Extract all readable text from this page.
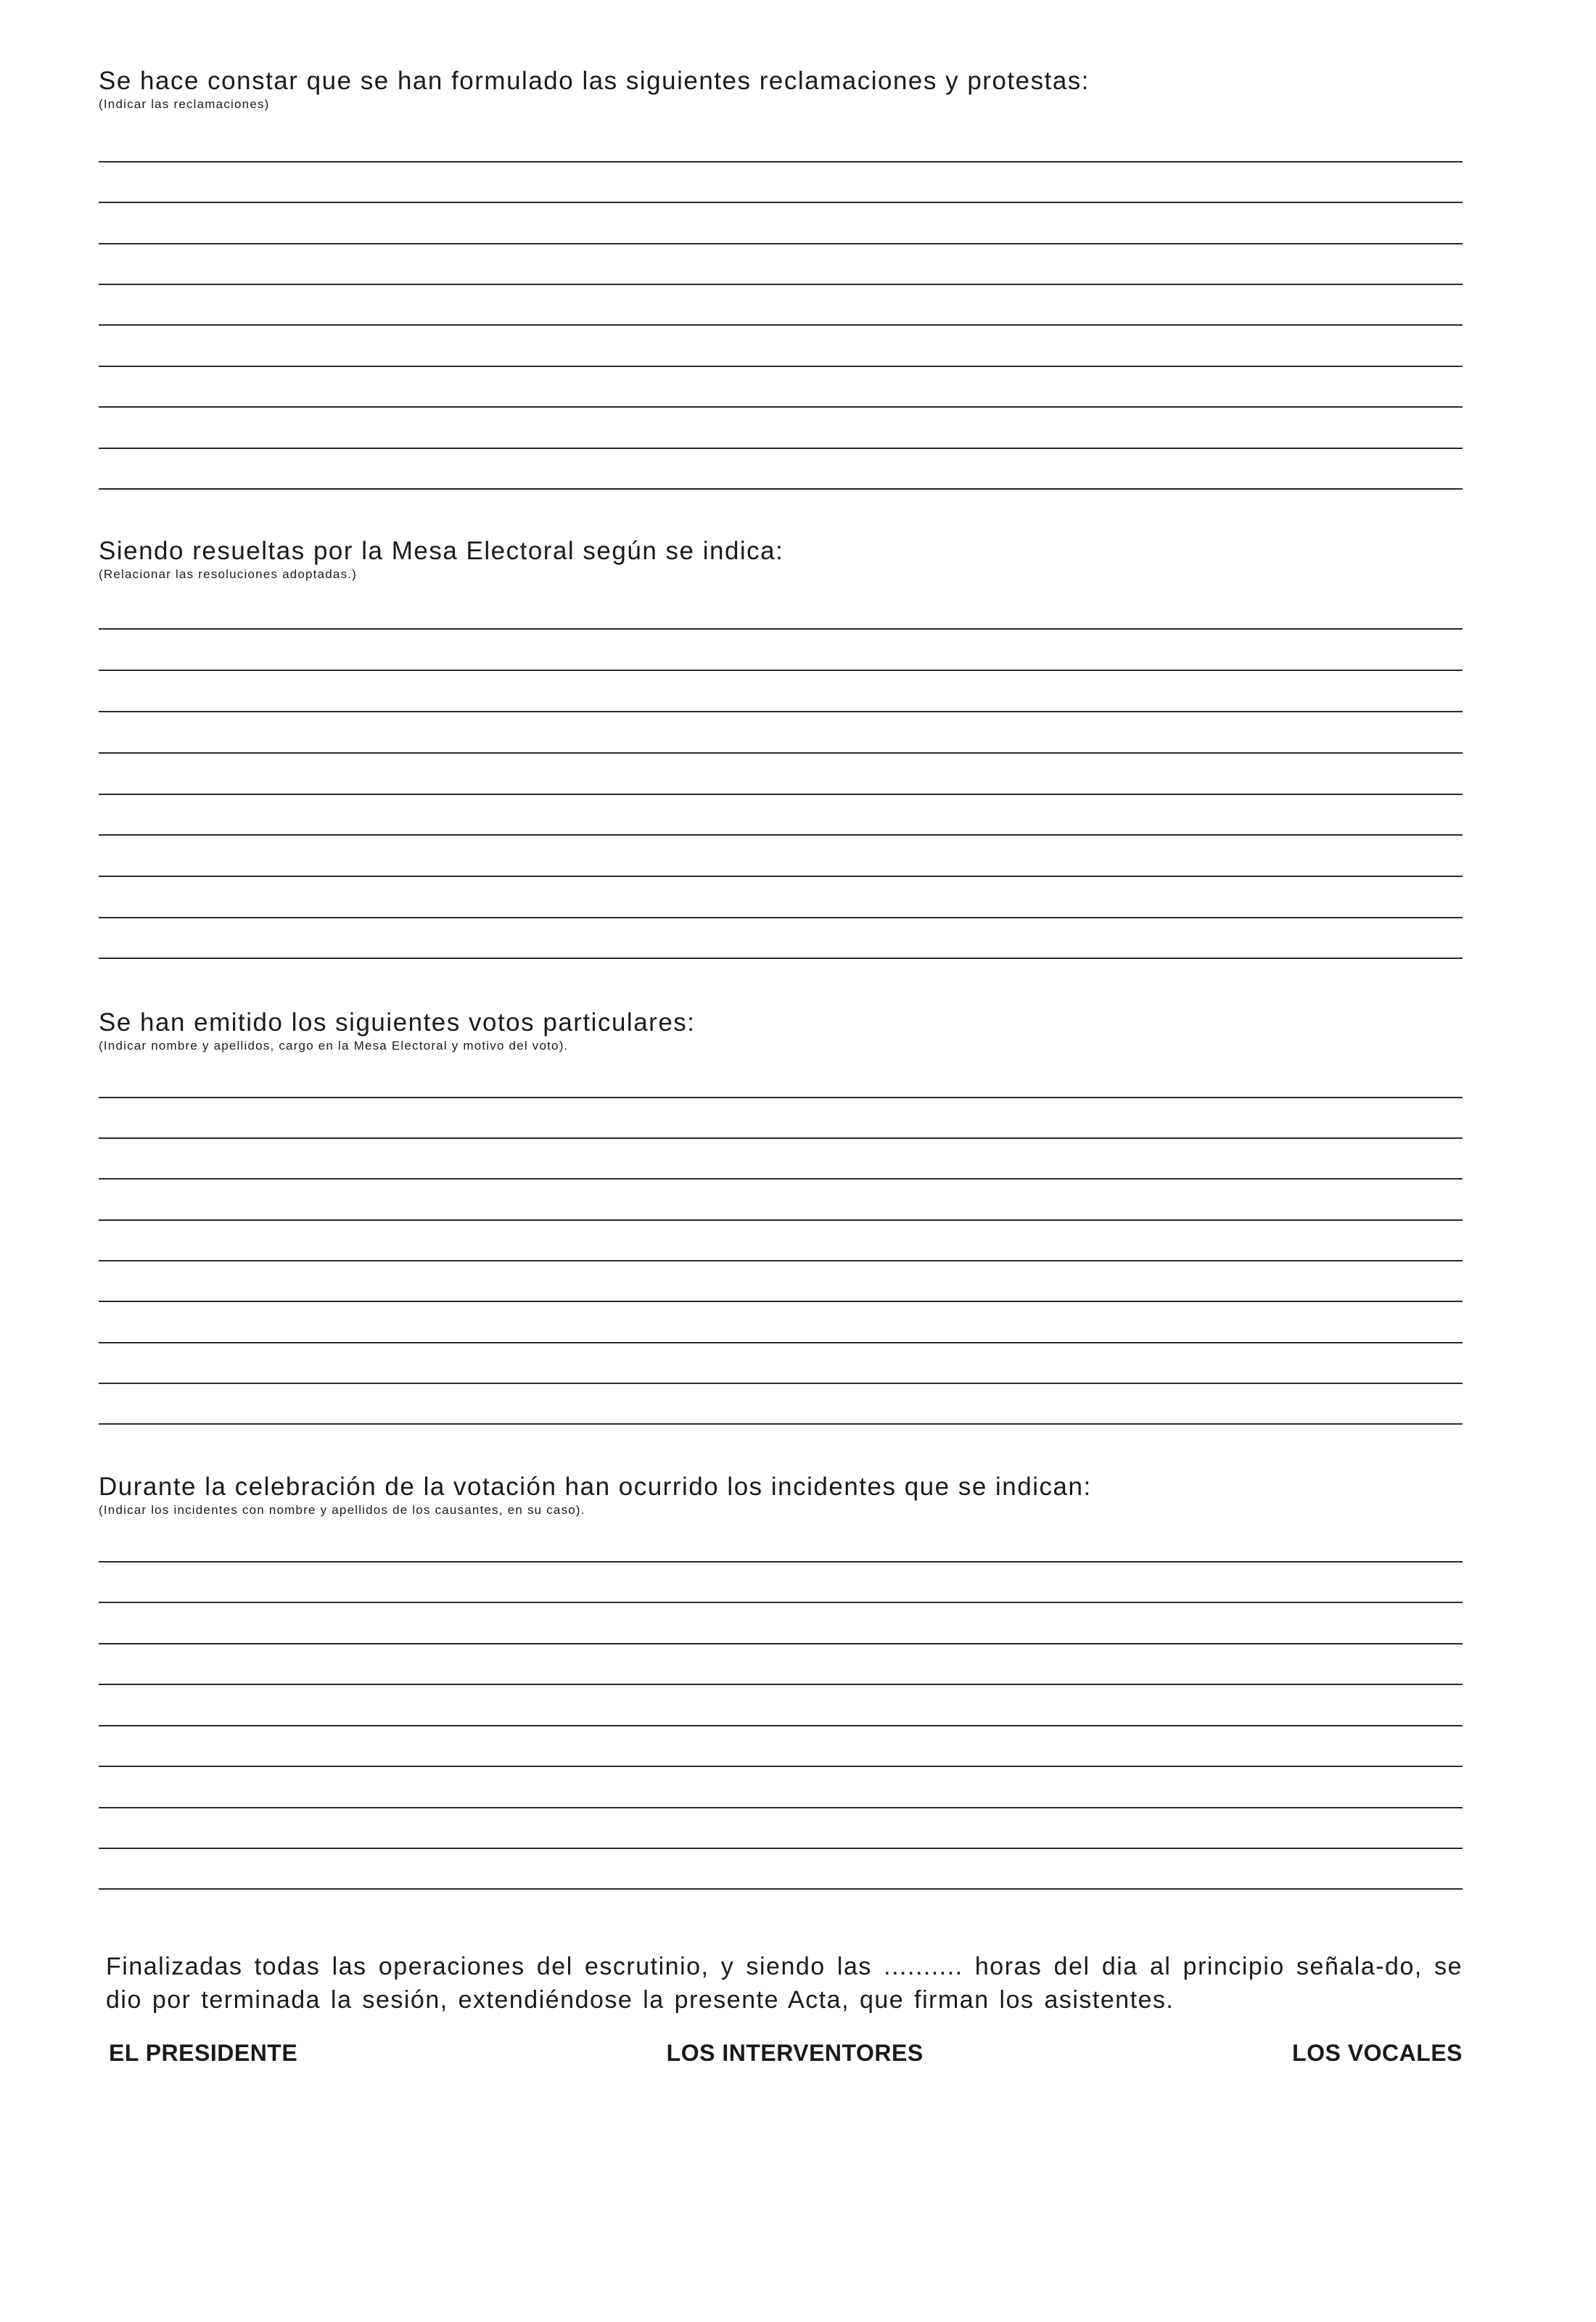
Se hace constar que se han formulado las siguientes reclamaciones y protestas:
(Indicar las reclamaciones)
Siendo resueltas por la Mesa Electoral según se indica:
(Relacionar las resoluciones adoptadas.)
Se han emitido los siguientes votos particulares:
(Indicar nombre y apellidos, cargo en la Mesa Electoral y motivo del voto).
Durante la celebración de la votación han ocurrido los incidentes que se indican:
(Indicar los incidentes con nombre y apellidos de los causantes, en su caso).
Finalizadas todas las operaciones del escrutinio, y siendo las .......... horas del dia al principio señala-do, se dio por terminada la sesión, extendiéndose la presente Acta, que firman los asistentes.
EL PRESIDENTE	LOS INTERVENTORES	LOS VOCALES
